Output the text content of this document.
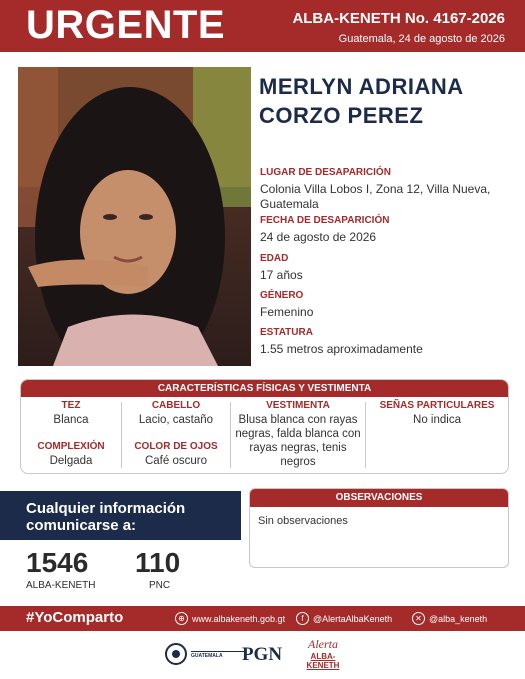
URGENTE	ALBA-KENETH No. 4167-2026
Guatemala, 24 de agosto de 2026
MERLYN ADRIANA
CORZO PEREZ
LUGAR DE DESAPARICIÓN
Colonia Villa Lobos I, Zona 12, Villa Nueva, Guatemala
FECHA DE DESAPARICIÓN
24 de agosto de 2026
EDAD
17 años
GÉNERO
Femenino
ESTATURA
1.55 metros aproximadamente
CARACTERÍSTICAS FÍSICAS Y VESTIMENTA
TEZ
Blanca
COMPLEXIÓN
Delgada
CABELLO
Lacio, castaño
COLOR DE OJOS
Café oscuro
VESTIMENTA
Blusa blanca con rayas negras, falda blanca con rayas negras, tenis negros
SEÑAS PARTICULARES
No indica
Cualquier información comunicarse a:
1546
ALBA-KENETH
110
PNC
OBSERVACIONES
Sin observaciones
#YoComparto	⊕ www.albakeneth.gob.gt	f	@AlertaAlbaKeneth	✕ @alba_keneth
GUATEMALA	PGN	Alerta
ALBA-KENETH
